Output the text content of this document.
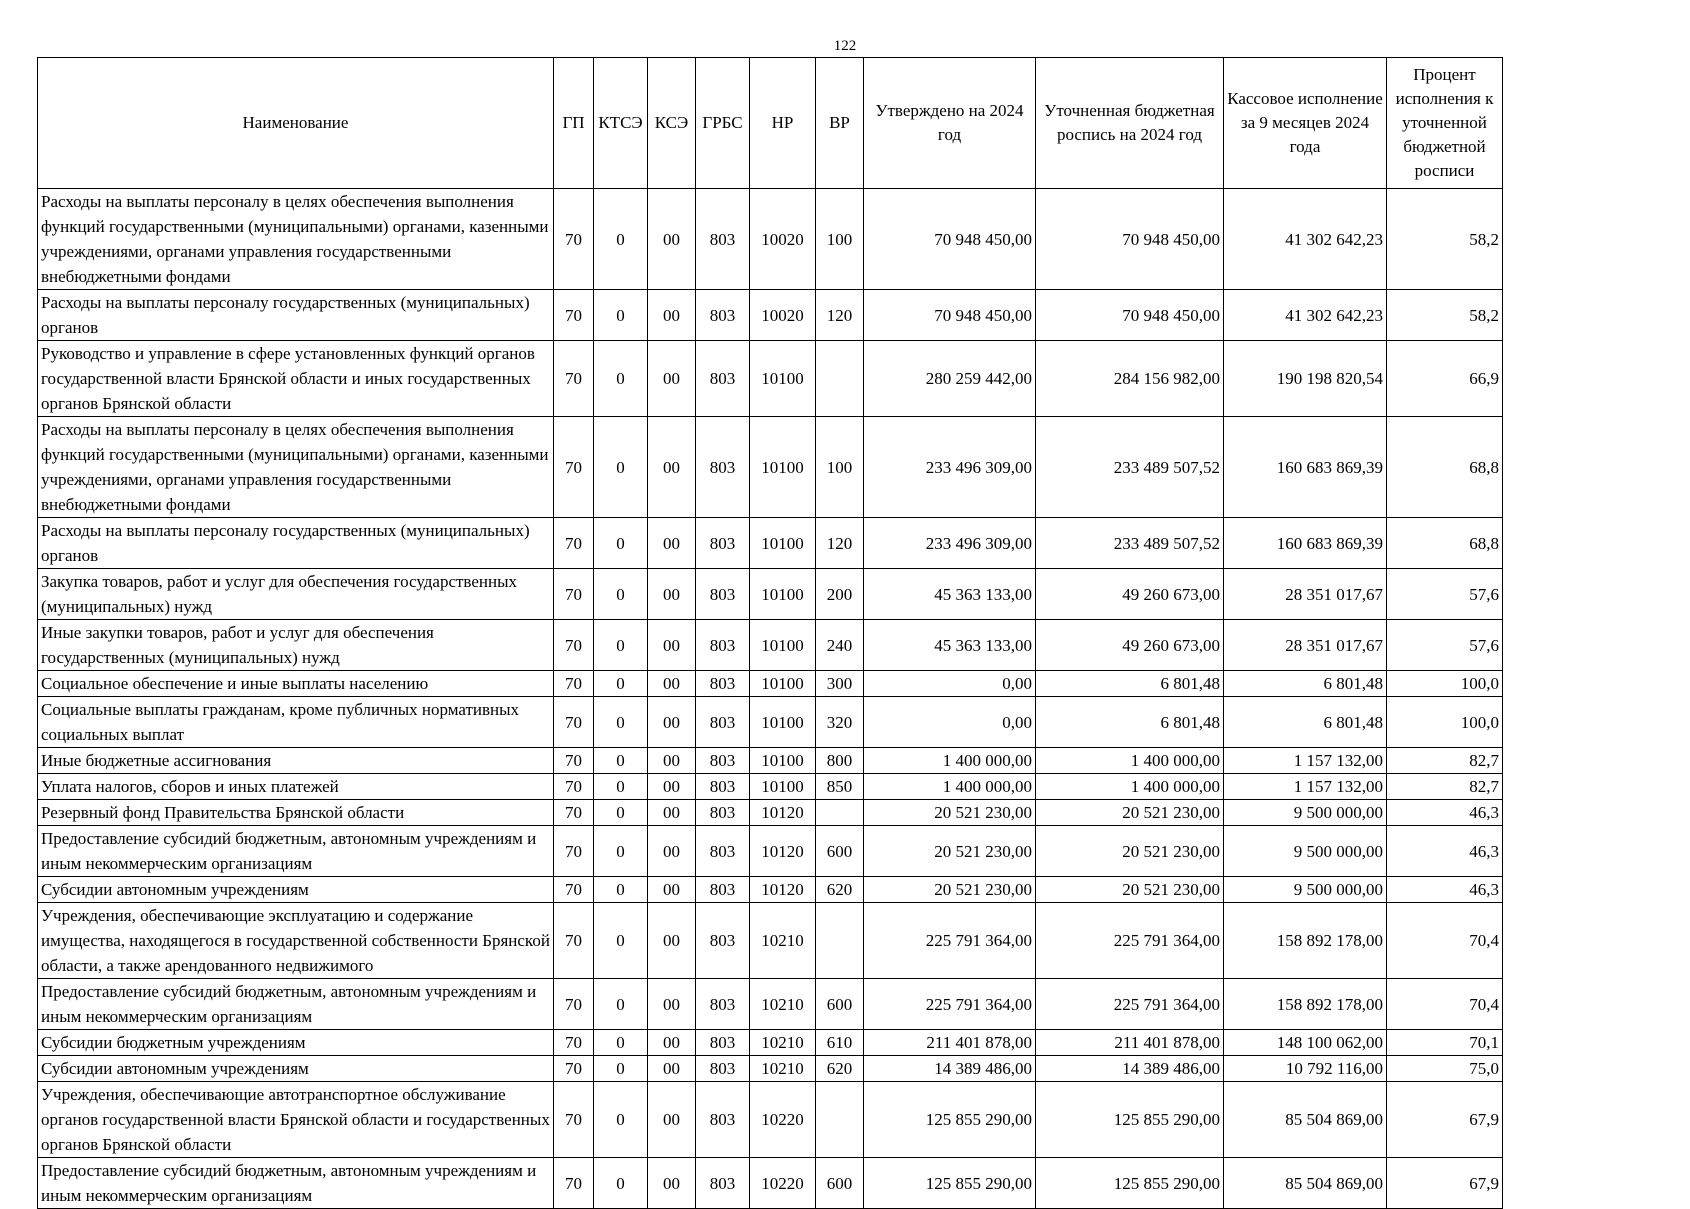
122
Наименование	ГП	КТСЭ	КСЭ	ГРБС	НР	ВР	Утверждено на 2024 год	Уточненная бюджетная роспись на 2024 год	Кассовое исполнение за 9 месяцев 2024 года	Процент исполнения к уточненной бюджетной росписи
Расходы на выплаты персоналу в целях обеспечения выполнения функций государственными (муниципальными) органами, казенными учреждениями, органами управления государственными внебюджетными фондами	70	0	00	803	10020	100	70 948 450,00	70 948 450,00	41 302 642,23	58,2
Расходы на выплаты персоналу государственных (муниципальных) органов	70	0	00	803	10020	120	70 948 450,00	70 948 450,00	41 302 642,23	58,2
Руководство и управление в сфере установленных функций органов государственной власти Брянской области и иных государственных органов Брянской области	70	0	00	803	10100		280 259 442,00	284 156 982,00	190 198 820,54	66,9
Расходы на выплаты персоналу в целях обеспечения выполнения функций государственными (муниципальными) органами, казенными учреждениями, органами управления государственными внебюджетными фондами	70	0	00	803	10100	100	233 496 309,00	233 489 507,52	160 683 869,39	68,8
Расходы на выплаты персоналу государственных (муниципальных) органов	70	0	00	803	10100	120	233 496 309,00	233 489 507,52	160 683 869,39	68,8
Закупка товаров, работ и услуг для обеспечения государственных (муниципальных) нужд	70	0	00	803	10100	200	45 363 133,00	49 260 673,00	28 351 017,67	57,6
Иные закупки товаров, работ и услуг для обеспечения государственных (муниципальных) нужд	70	0	00	803	10100	240	45 363 133,00	49 260 673,00	28 351 017,67	57,6
Социальное обеспечение и иные выплаты населению	70	0	00	803	10100	300	0,00	6 801,48	6 801,48	100,0
Социальные выплаты гражданам, кроме публичных нормативных социальных выплат	70	0	00	803	10100	320	0,00	6 801,48	6 801,48	100,0
Иные бюджетные ассигнования	70	0	00	803	10100	800	1 400 000,00	1 400 000,00	1 157 132,00	82,7
Уплата налогов, сборов и иных платежей	70	0	00	803	10100	850	1 400 000,00	1 400 000,00	1 157 132,00	82,7
Резервный фонд Правительства Брянской области	70	0	00	803	10120		20 521 230,00	20 521 230,00	9 500 000,00	46,3
Предоставление субсидий бюджетным, автономным учреждениям и иным некоммерческим организациям	70	0	00	803	10120	600	20 521 230,00	20 521 230,00	9 500 000,00	46,3
Субсидии автономным учреждениям	70	0	00	803	10120	620	20 521 230,00	20 521 230,00	9 500 000,00	46,3
Учреждения, обеспечивающие эксплуатацию и содержание имущества, находящегося в государственной собственности Брянской области, а также арендованного недвижимого	70	0	00	803	10210		225 791 364,00	225 791 364,00	158 892 178,00	70,4
Предоставление субсидий бюджетным, автономным учреждениям и иным некоммерческим организациям	70	0	00	803	10210	600	225 791 364,00	225 791 364,00	158 892 178,00	70,4
Субсидии бюджетным учреждениям	70	0	00	803	10210	610	211 401 878,00	211 401 878,00	148 100 062,00	70,1
Субсидии автономным учреждениям	70	0	00	803	10210	620	14 389 486,00	14 389 486,00	10 792 116,00	75,0
Учреждения, обеспечивающие автотранспортное обслуживание органов государственной власти Брянской области и государственных органов Брянской области	70	0	00	803	10220		125 855 290,00	125 855 290,00	85 504 869,00	67,9
Предоставление субсидий бюджетным, автономным учреждениям и иным некоммерческим организациям	70	0	00	803	10220	600	125 855 290,00	125 855 290,00	85 504 869,00	67,9
